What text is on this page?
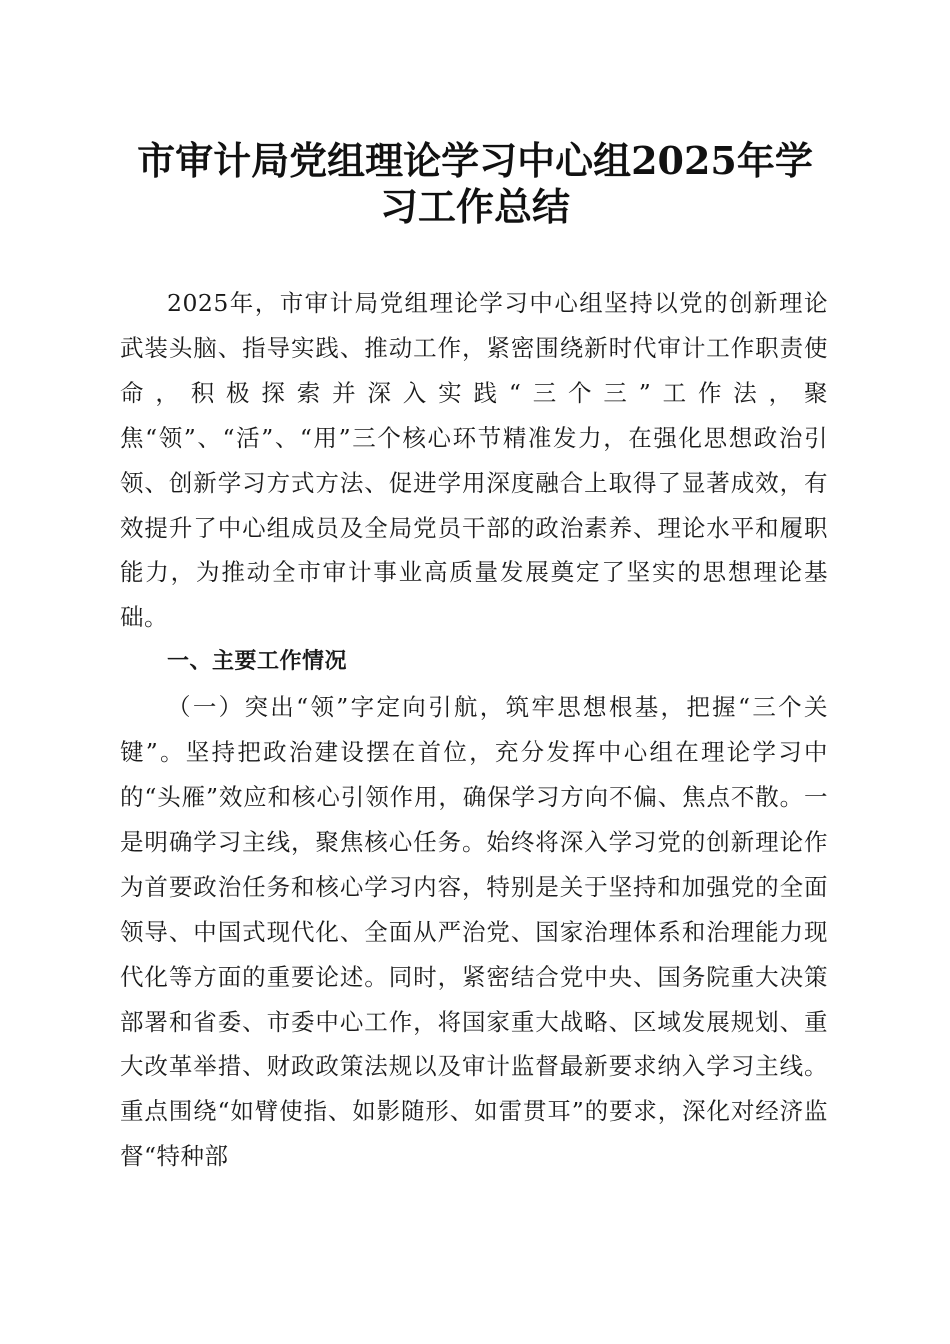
市审计局党组理论学习中心组2025年学习工作总结

2025年，市审计局党组理论学习中心组坚持以党的创新理论武装头脑、指导实践、推动工作，紧密围绕新时代审计工作职责使命，积极探索并深入实践“三个三”工作法，聚焦“领”、“活”、“用”三个核心环节精准发力，在强化思想政治引领、创新学习方式方法、促进学用深度融合上取得了显著成效，有效提升了中心组成员及全局党员干部的政治素养、理论水平和履职能力，为推动全市审计事业高质量发展奠定了坚实的思想理论基础。

一、主要工作情况

（一）突出“领”字定向引航，筑牢思想根基，把握“三个关键”。坚持把政治建设摆在首位，充分发挥中心组在理论学习中的“头雁”效应和核心引领作用，确保学习方向不偏、焦点不散。一是明确学习主线，聚焦核心任务。始终将深入学习党的创新理论作为首要政治任务和核心学习内容，特别是关于坚持和加强党的全面领导、中国式现代化、全面从严治党、国家治理体系和治理能力现代化等方面的重要论述。同时，紧密结合党中央、国务院重大决策部署和省委、市委中心工作，将国家重大战略、区域发展规划、重大改革举措、财政政策法规以及审计监督最新要求纳入学习主线。重点围绕“如臂使指、如影随形、如雷贯耳”的要求，深化对经济监督“特种部
